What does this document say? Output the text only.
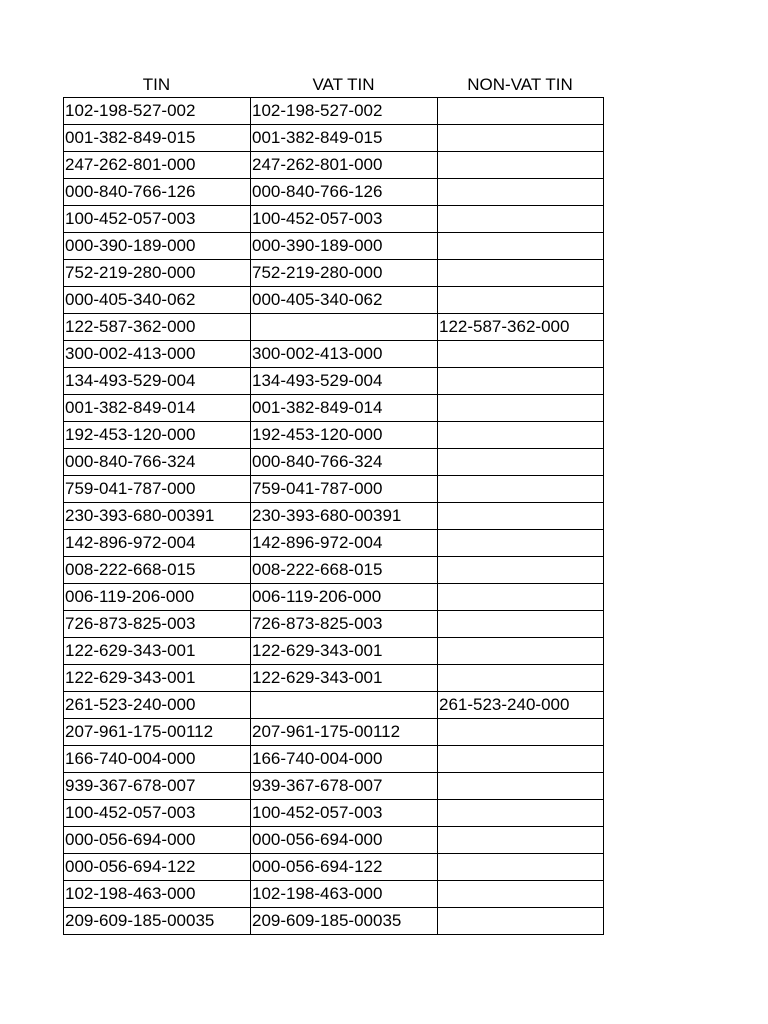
TIN	VAT TIN	NON-VAT TIN
102-198-527-002	102-198-527-002	
001-382-849-015	001-382-849-015	
247-262-801-000	247-262-801-000	
000-840-766-126	000-840-766-126	
100-452-057-003	100-452-057-003	
000-390-189-000	000-390-189-000	
752-219-280-000	752-219-280-000	
000-405-340-062	000-405-340-062	
122-587-362-000		122-587-362-000
300-002-413-000	300-002-413-000	
134-493-529-004	134-493-529-004	
001-382-849-014	001-382-849-014	
192-453-120-000	192-453-120-000	
000-840-766-324	000-840-766-324	
759-041-787-000	759-041-787-000	
230-393-680-00391	230-393-680-00391	
142-896-972-004	142-896-972-004	
008-222-668-015	008-222-668-015	
006-119-206-000	006-119-206-000	
726-873-825-003	726-873-825-003	
122-629-343-001	122-629-343-001	
122-629-343-001	122-629-343-001	
261-523-240-000		261-523-240-000
207-961-175-00112	207-961-175-00112	
166-740-004-000	166-740-004-000	
939-367-678-007	939-367-678-007	
100-452-057-003	100-452-057-003	
000-056-694-000	000-056-694-000	
000-056-694-122	000-056-694-122	
102-198-463-000	102-198-463-000	
209-609-185-00035	209-609-185-00035	
